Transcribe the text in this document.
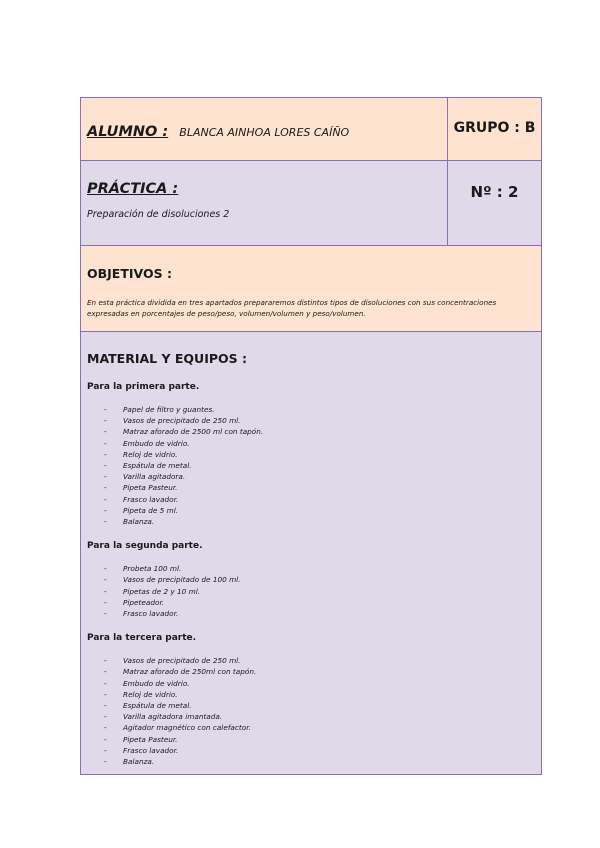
ALUMNO : BLANCA AINHOA LORES CAÍÑO	GRUPO : B
PRÁCTICA :
Preparación de disoluciones 2
Nº : 2
OBJETIVOS :
En esta práctica dividida en tres apartados prepararemos distintos tipos de disoluciones con sus concentraciones expresadas en porcentajes de peso/peso, volumen/volumen y peso/volumen.
MATERIAL Y EQUIPOS :
Para la primera parte.
- Papel de filtro y guantes.
- Vasos de precipitado de 250 ml.
- Matraz aforado de 2500 ml con tapón.
- Embudo de vidrio.
- Reloj de vidrio.
- Espátula de metal.
- Varilla agitadora.
- Pipeta Pasteur.
- Frasco lavador.
- Pipeta de 5 ml.
- Balanza.
Para la segunda parte.
- Probeta 100 ml.
- Vasos de precipitado de 100 ml.
- Pipetas de 2 y 10 ml.
- Pipeteador.
- Frasco lavador.
Para la tercera parte.
- Vasos de precipitado de 250 ml.
- Matraz aforado de 250ml con tapón.
- Embudo de vidrio.
- Reloj de vidrio.
- Espátula de metal.
- Varilla agitadora imantada.
- Agitador magnético con calefactor.
- Pipeta Pasteur.
- Frasco lavador.
- Balanza.
